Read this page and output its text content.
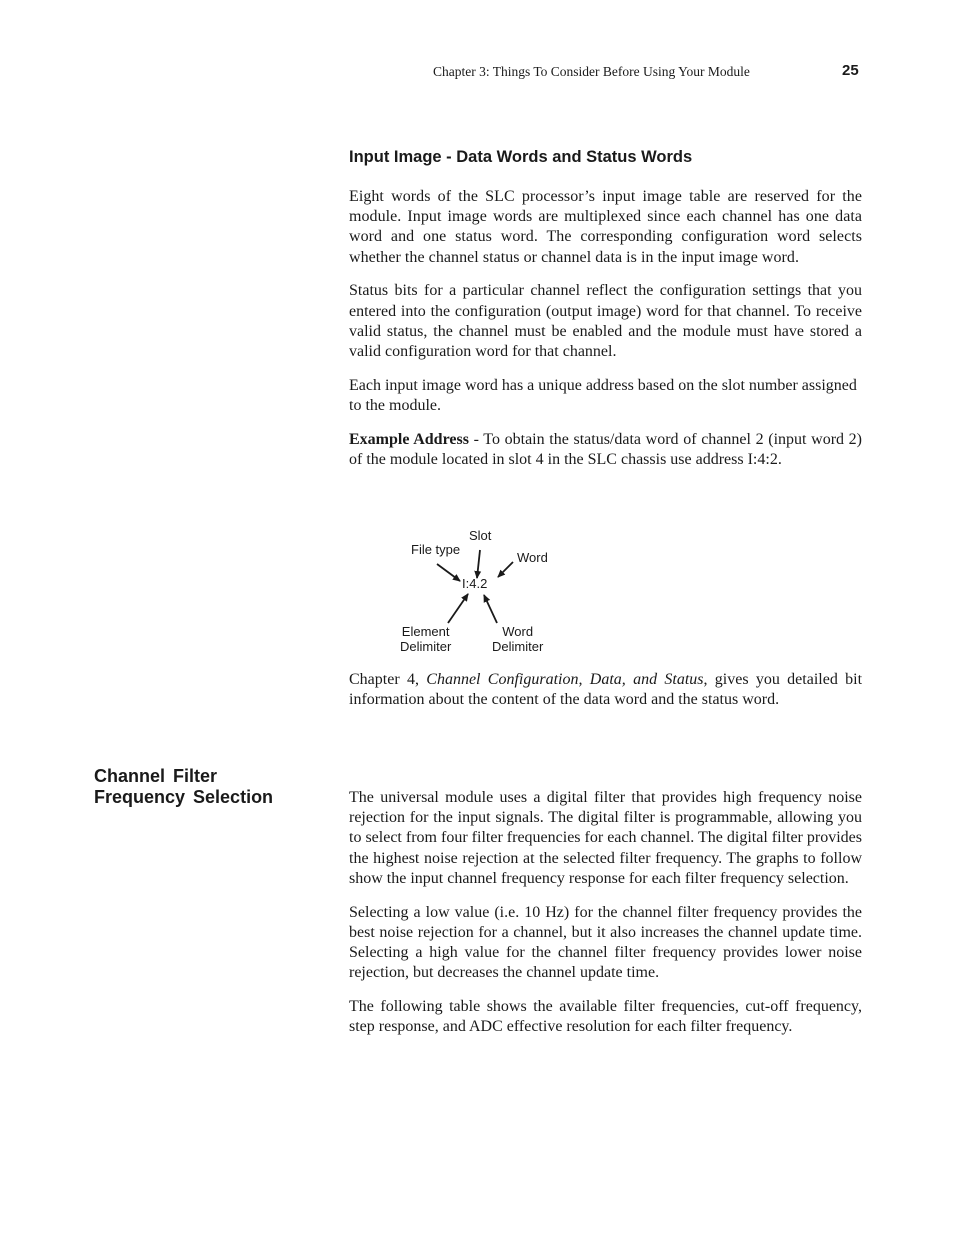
Chapter 3: Things To Consider Before Using Your Module	25
Input Image - Data Words and Status Words

Eight words of the SLC processor’s input image table are reserved for the module. Input image words are multiplexed since each channel has one data word and one status word. The corresponding configuration word selects whether the channel status or channel data is in the input image word.

Status bits for a particular channel reflect the configuration settings that you entered into the configuration (output image) word for that channel. To receive valid status, the channel must be enabled and the module must have stored a valid configuration word for that channel.

Each input image word has a unique address based on the slot number assigned to the module.

Example Address - To obtain the status/data word of channel 2 (input word 2) of the module located in slot 4 in the SLC chassis use address I:4:2.

Slot
File type
Word
I:4.2
Element
Delimiter
Word
Delimiter

Chapter 4, Channel Configuration, Data, and Status, gives you detailed bit information about the content of the data word and the status word.

Channel Filter
Frequency Selection	The universal module uses a digital filter that provides high frequency noise rejection for the input signals. The digital filter is programmable, allowing you to select from four filter frequencies for each channel. The digital filter provides the highest noise rejection at the selected filter frequency. The graphs to follow show the input channel frequency response for each filter frequency selection.

Selecting a low value (i.e. 10 Hz) for the channel filter frequency provides the best noise rejection for a channel, but it also increases the channel update time. Selecting a high value for the channel filter frequency provides lower noise rejection, but decreases the channel update time.

The following table shows the available filter frequencies, cut-off frequency, step response, and ADC effective resolution for each filter frequency.
